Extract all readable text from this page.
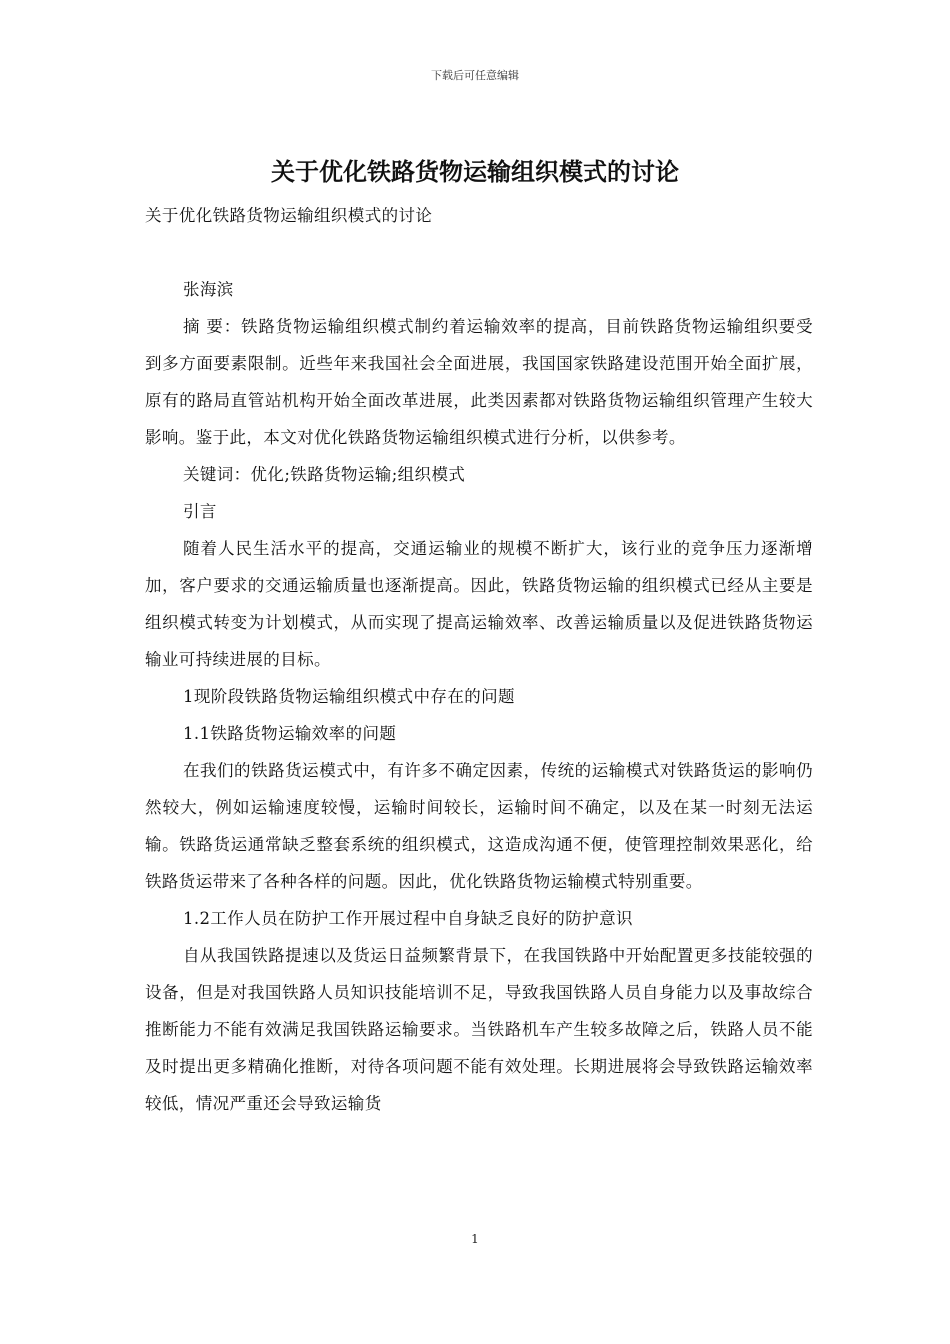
下载后可任意编辑
关于优化铁路货物运输组织模式的讨论

关于优化铁路货物运输组织模式的讨论

张海滨

摘 要：铁路货物运输组织模式制约着运输效率的提高，目前铁路货物运输组织要受到多方面要素限制。近些年来我国社会全面进展，我国国家铁路建设范围开始全面扩展，原有的路局直管站机构开始全面改革进展，此类因素都对铁路货物运输组织管理产生较大影响。鉴于此，本文对优化铁路货物运输组织模式进行分析，以供参考。

关键词：优化;铁路货物运输;组织模式

引言

随着人民生活水平的提高，交通运输业的规模不断扩大，该行业的竞争压力逐渐增加，客户要求的交通运输质量也逐渐提高。因此，铁路货物运输的组织模式已经从主要是组织模式转变为计划模式，从而实现了提高运输效率、改善运输质量以及促进铁路货物运输业可持续进展的目标。

1现阶段铁路货物运输组织模式中存在的问题

1.1铁路货物运输效率的问题

在我们的铁路货运模式中，有许多不确定因素，传统的运输模式对铁路货运的影响仍然较大，例如运输速度较慢，运输时间较长，运输时间不确定，以及在某一时刻无法运输。铁路货运通常缺乏整套系统的组织模式，这造成沟通不便，使管理控制效果恶化，给铁路货运带来了各种各样的问题。因此，优化铁路货物运输模式特别重要。

1.2工作人员在防护工作开展过程中自身缺乏良好的防护意识

自从我国铁路提速以及货运日益频繁背景下，在我国铁路中开始配置更多技能较强的设备，但是对我国铁路人员知识技能培训不足，导致我国铁路人员自身能力以及事故综合推断能力不能有效满足我国铁路运输要求。当铁路机车产生较多故障之后，铁路人员不能及时提出更多精确化推断，对待各项问题不能有效处理。长期进展将会导致铁路运输效率较低，情况严重还会导致运输货

1
